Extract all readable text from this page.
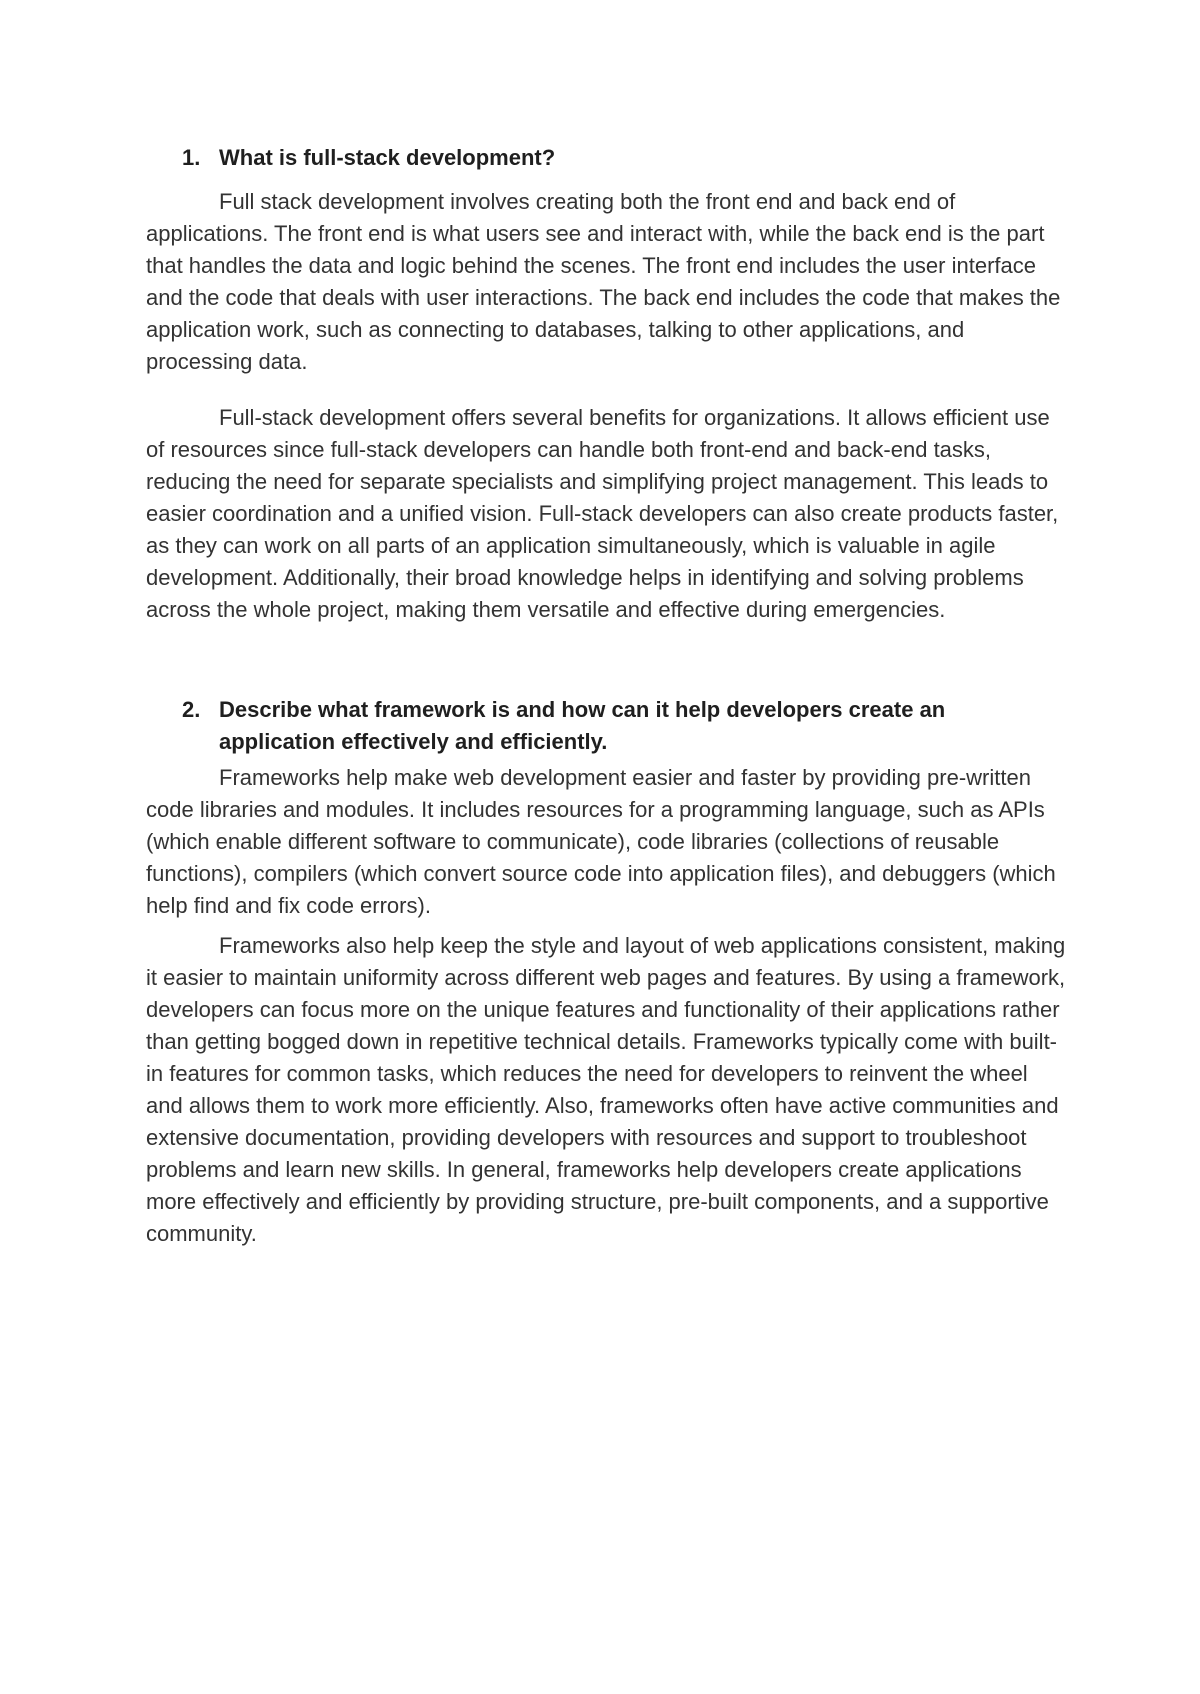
1. What is full-stack development?

Full stack development involves creating both the front end and back end of applications. The front end is what users see and interact with, while the back end is the part that handles the data and logic behind the scenes. The front end includes the user interface and the code that deals with user interactions. The back end includes the code that makes the application work, such as connecting to databases, talking to other applications, and processing data.

Full-stack development offers several benefits for organizations. It allows efficient use of resources since full-stack developers can handle both front-end and back-end tasks, reducing the need for separate specialists and simplifying project management. This leads to easier coordination and a unified vision. Full-stack developers can also create products faster, as they can work on all parts of an application simultaneously, which is valuable in agile development. Additionally, their broad knowledge helps in identifying and solving problems across the whole project, making them versatile and effective during emergencies.

2. Describe what framework is and how can it help developers create an application effectively and efficiently.

Frameworks help make web development easier and faster by providing pre-written code libraries and modules. It includes resources for a programming language, such as APIs (which enable different software to communicate), code libraries (collections of reusable functions), compilers (which convert source code into application files), and debuggers (which help find and fix code errors).

Frameworks also help keep the style and layout of web applications consistent, making it easier to maintain uniformity across different web pages and features. By using a framework, developers can focus more on the unique features and functionality of their applications rather than getting bogged down in repetitive technical details. Frameworks typically come with built-in features for common tasks, which reduces the need for developers to reinvent the wheel and allows them to work more efficiently. Also, frameworks often have active communities and extensive documentation, providing developers with resources and support to troubleshoot problems and learn new skills. In general, frameworks help developers create applications more effectively and efficiently by providing structure, pre-built components, and a supportive community.
